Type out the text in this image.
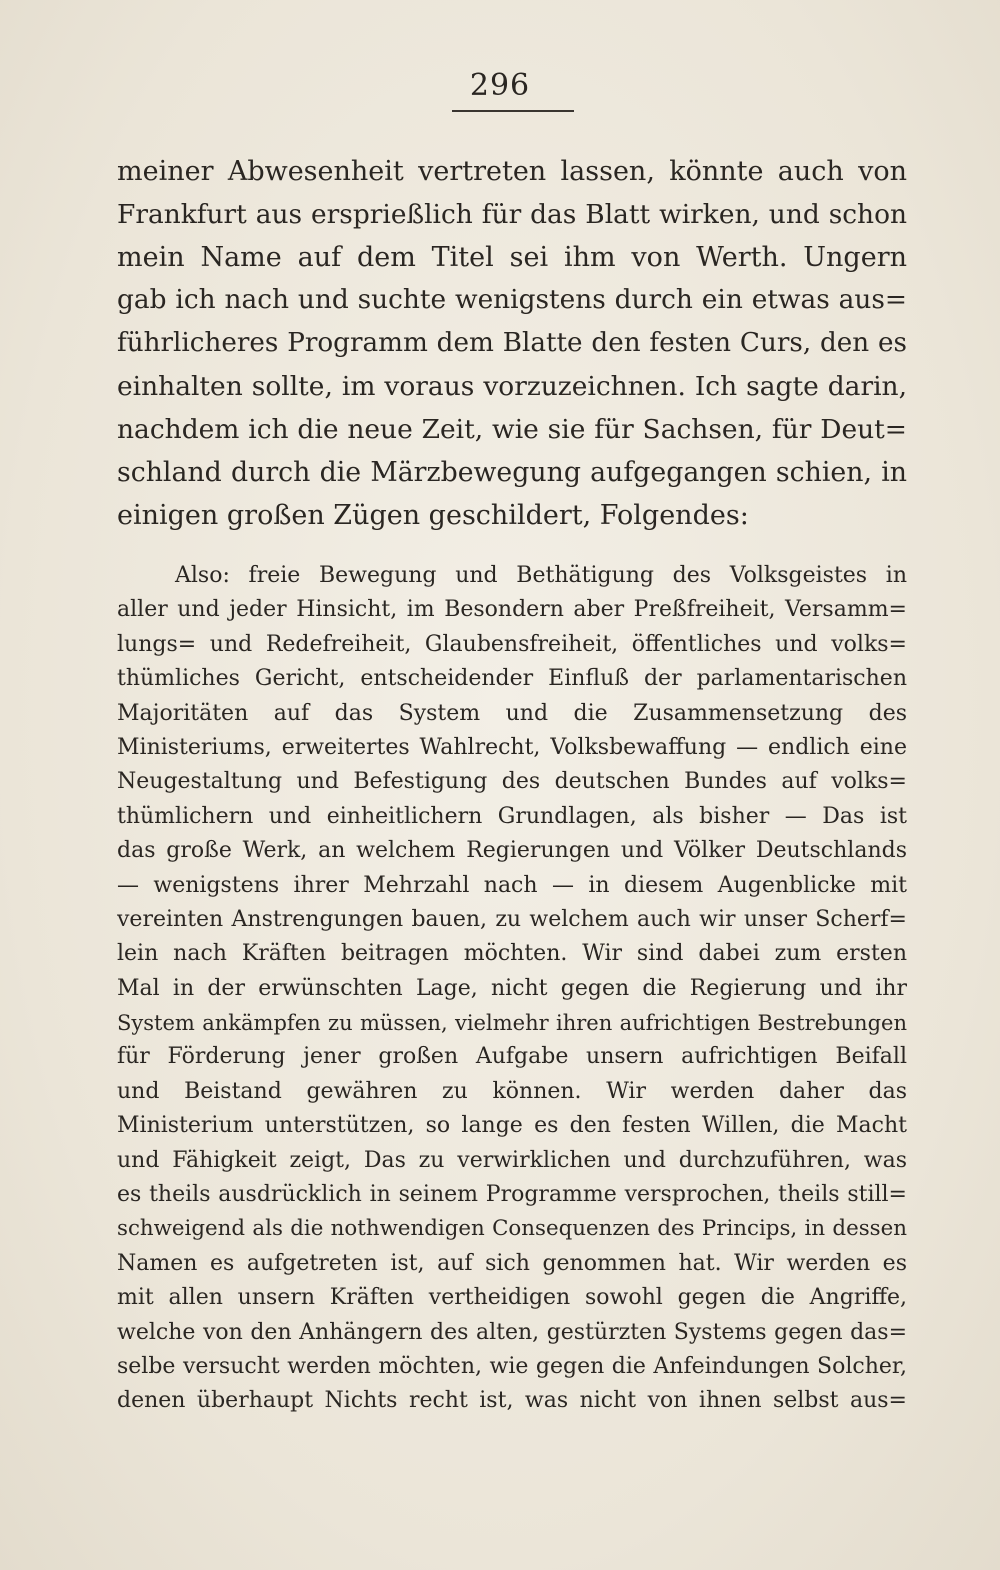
296
meiner Abwesenheit vertreten lassen, könnte auch von
Frankfurt aus ersprießlich für das Blatt wirken, und schon
mein Name auf dem Titel sei ihm von Werth. Ungern
gab ich nach und suchte wenigstens durch ein etwas aus=
führlicheres Programm dem Blatte den festen Curs, den es
einhalten sollte, im voraus vorzuzeichnen. Ich sagte darin,
nachdem ich die neue Zeit, wie sie für Sachsen, für Deut=
schland durch die Märzbewegung aufgegangen schien, in
einigen großen Zügen geschildert, Folgendes:
Also: freie Bewegung und Bethätigung des Volksgeistes in
aller und jeder Hinsicht, im Besondern aber Preßfreiheit, Versamm=
lungs= und Redefreiheit, Glaubensfreiheit, öffentliches und volks=
thümliches Gericht, entscheidender Einfluß der parlamentarischen
Majoritäten auf das System und die Zusammensetzung des
Ministeriums, erweitertes Wahlrecht, Volksbewaffung — endlich eine
Neugestaltung und Befestigung des deutschen Bundes auf volks=
thümlichern und einheitlichern Grundlagen, als bisher — Das ist
das große Werk, an welchem Regierungen und Völker Deutschlands
— wenigstens ihrer Mehrzahl nach — in diesem Augenblicke mit
vereinten Anstrengungen bauen, zu welchem auch wir unser Scherf=
lein nach Kräften beitragen möchten. Wir sind dabei zum ersten
Mal in der erwünschten Lage, nicht gegen die Regierung und ihr
System ankämpfen zu müssen, vielmehr ihren aufrichtigen Bestrebungen
für Förderung jener großen Aufgabe unsern aufrichtigen Beifall
und Beistand gewähren zu können. Wir werden daher das
Ministerium unterstützen, so lange es den festen Willen, die Macht
und Fähigkeit zeigt, Das zu verwirklichen und durchzuführen, was
es theils ausdrücklich in seinem Programme versprochen, theils still=
schweigend als die nothwendigen Consequenzen des Princips, in dessen
Namen es aufgetreten ist, auf sich genommen hat. Wir werden es
mit allen unsern Kräften vertheidigen sowohl gegen die Angriffe,
welche von den Anhängern des alten, gestürzten Systems gegen das=
selbe versucht werden möchten, wie gegen die Anfeindungen Solcher,
denen überhaupt Nichts recht ist, was nicht von ihnen selbst aus=
